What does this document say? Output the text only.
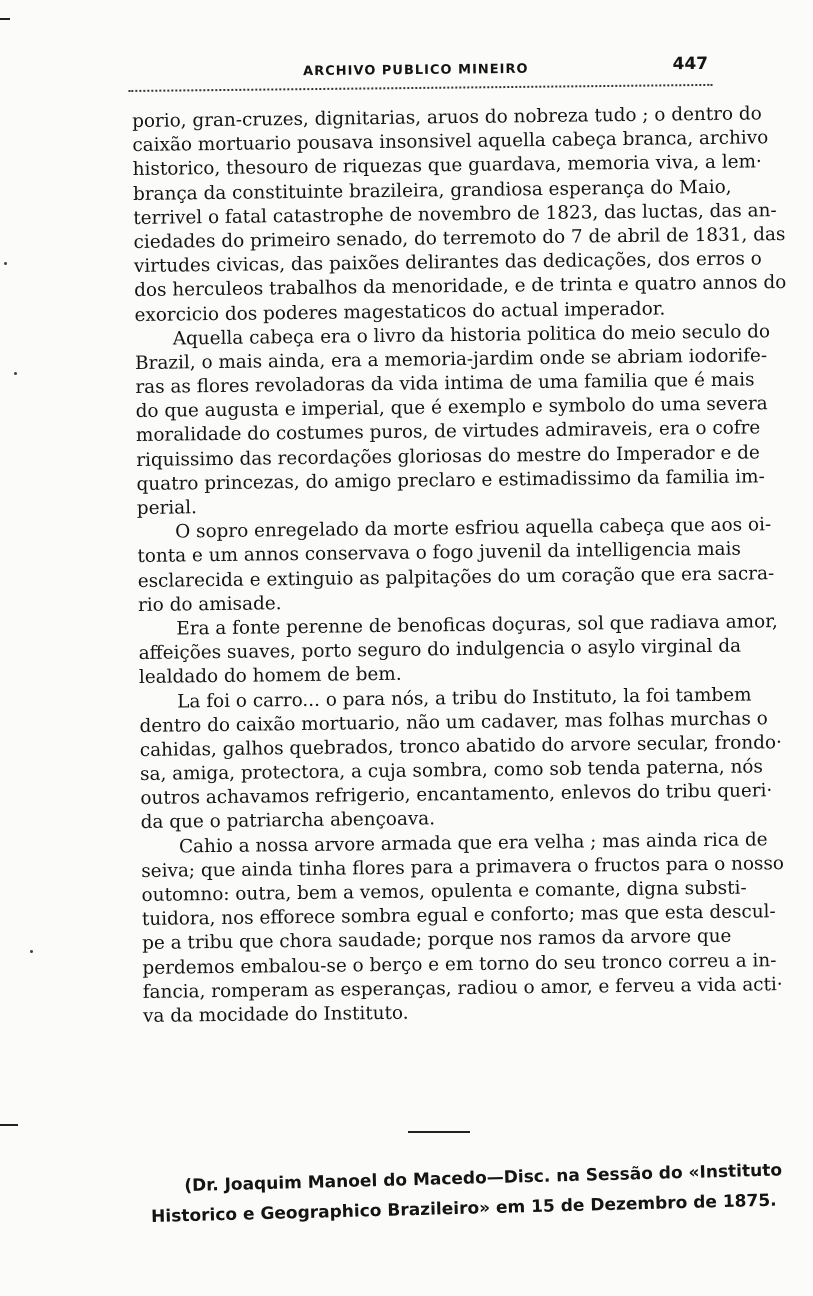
ARCHIVO PUBLICO MINEIRO	447
porio, gran-cruzes, dignitarias, aruos do nobreza tudo ; o dentro do
caixão mortuario pousava insonsivel aquella cabeça branca, archivo
historico, thesouro de riquezas que guardava, memoria viva, a lem·
brança da constituinte brazileira, grandiosa esperança do Maio,
terrivel o fatal catastrophe de novembro de 1823, das luctas, das an-
ciedades do primeiro senado, do terremoto do 7 de abril de 1831, das
virtudes civicas, das paixões delirantes das dedicações, dos erros o
dos herculeos trabalhos da menoridade, e de trinta e quatro annos do
exorcicio dos poderes magestaticos do actual imperador.
Aquella cabeça era o livro da historia politica do meio seculo do
Brazil, o mais ainda, era a memoria-jardim onde se abriam iodorife-
ras as flores revoladoras da vida intima de uma familia que é mais
do que augusta e imperial, que é exemplo e symbolo do uma severa
moralidade do costumes puros, de virtudes admiraveis, era o cofre
riquissimo das recordações gloriosas do mestre do Imperador e de
quatro princezas, do amigo preclaro e estimadissimo da familia im-
perial.
O sopro enregelado da morte esfriou aquella cabeça que aos oi-
tonta e um annos conservava o fogo juvenil da intelligencia mais
esclarecida e extinguio as palpitações do um coração que era sacra-
rio do amisade.
Era a fonte perenne de benoficas doçuras, sol que radiava amor,
affeições suaves, porto seguro do indulgencia o asylo virginal da
lealdado do homem de bem.
La foi o carro... o para nós, a tribu do Instituto, la foi tambem
dentro do caixão mortuario, não um cadaver, mas folhas murchas o
cahidas, galhos quebrados, tronco abatido do arvore secular, frondo·
sa, amiga, protectora, a cuja sombra, como sob tenda paterna, nós
outros achavamos refrigerio, encantamento, enlevos do tribu queri·
da que o patriarcha abençoava.
Cahio a nossa arvore armada que era velha ; mas ainda rica de
seiva; que ainda tinha flores para a primavera o fructos para o nosso
outomno: outra, bem a vemos, opulenta e comante, digna substi-
tuidora, nos efforece sombra egual e conforto; mas que esta descul-
pe a tribu que chora saudade; porque nos ramos da arvore que
perdemos embalou-se o berço e em torno do seu tronco correu a in-
fancia, romperam as esperanças, radiou o amor, e ferveu a vida acti·
va da mocidade do Instituto.
(Dr. Joaquim Manoel do Macedo—Disc. na Sessão do «Instituto
Historico e Geographico Brazileiro» em 15 de Dezembro de 1875.
